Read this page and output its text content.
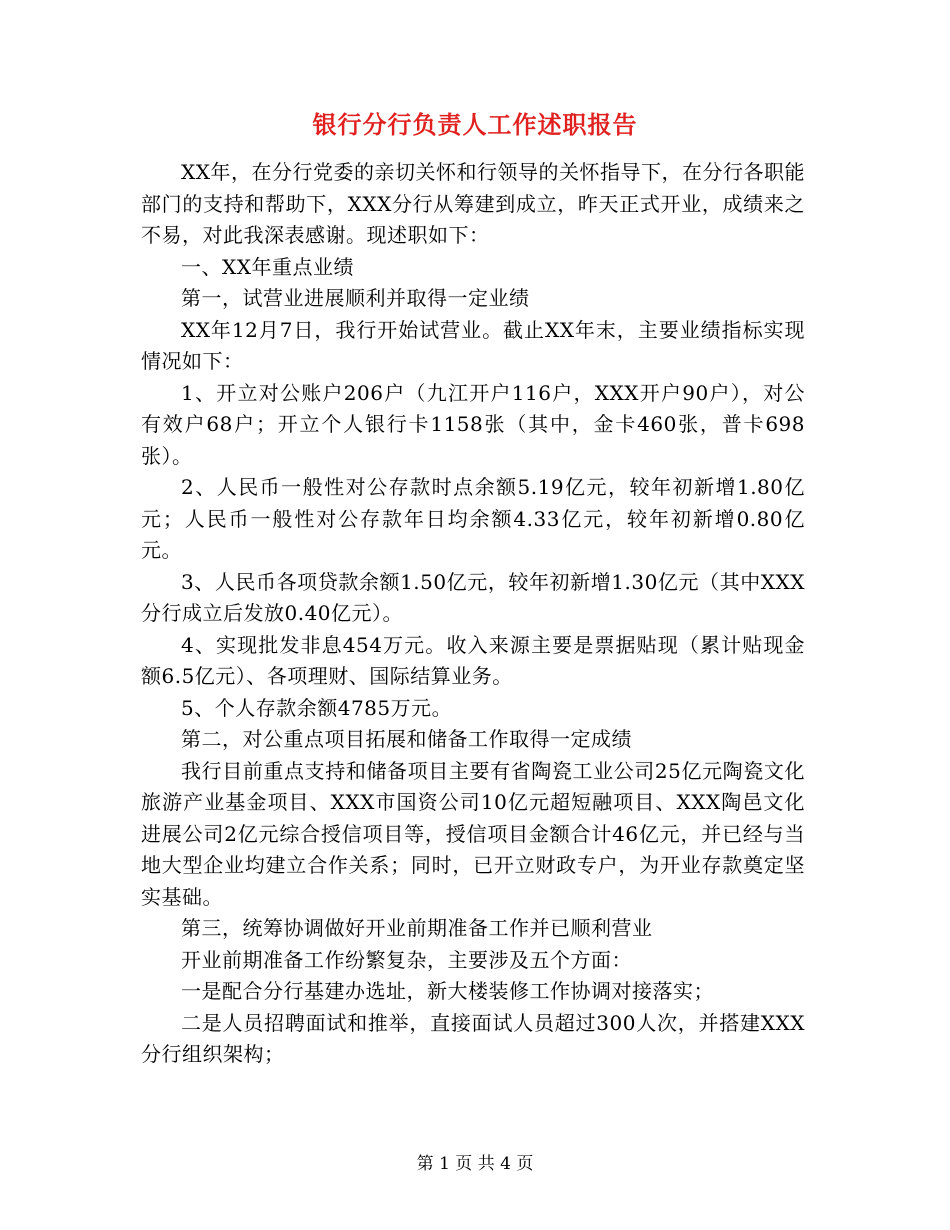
银行分行负责人工作述职报告

XX年，在分行党委的亲切关怀和行领导的关怀指导下，在分行各职能部门的支持和帮助下，XXX分行从筹建到成立，昨天正式开业，成绩来之不易，对此我深表感谢。现述职如下：

一、XX年重点业绩

第一，试营业进展顺利并取得一定业绩

XX年12月7日，我行开始试营业。截止XX年末，主要业绩指标实现情况如下：

1、开立对公账户206户（九江开户116户，XXX开户90户），对公有效户68户；开立个人银行卡1158张（其中，金卡460张，普卡698张）。

2、人民币一般性对公存款时点余额5.19亿元，较年初新增1.80亿元；人民币一般性对公存款年日均余额4.33亿元，较年初新增0.80亿元。

3、人民币各项贷款余额1.50亿元，较年初新增1.30亿元（其中XXX分行成立后发放0.40亿元）。

4、实现批发非息454万元。收入来源主要是票据贴现（累计贴现金额6.5亿元）、各项理财、国际结算业务。

5、个人存款余额4785万元。

第二，对公重点项目拓展和储备工作取得一定成绩

我行目前重点支持和储备项目主要有省陶瓷工业公司25亿元陶瓷文化旅游产业基金项目、XXX市国资公司10亿元超短融项目、XXX陶邑文化进展公司2亿元综合授信项目等，授信项目金额合计46亿元，并已经与当地大型企业均建立合作关系；同时，已开立财政专户，为开业存款奠定坚实基础。

第三，统筹协调做好开业前期准备工作并已顺利营业

开业前期准备工作纷繁复杂，主要涉及五个方面：

一是配合分行基建办选址，新大楼装修工作协调对接落实；

二是人员招聘面试和推举，直接面试人员超过300人次，并搭建XXX分行组织架构；

第 1 页 共 4 页
